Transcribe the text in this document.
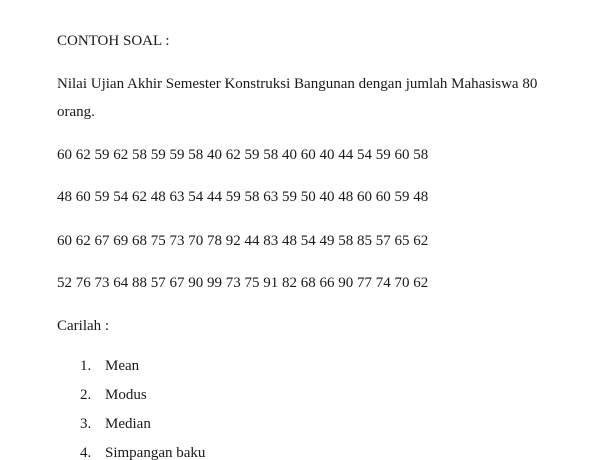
CONTOH SOAL :
Nilai Ujian Akhir Semester Konstruksi Bangunan dengan jumlah Mahasiswa 80
orang.
60 62 59 62 58 59 59 58 40 62 59 58 40 60 40 44 54 59 60 58
48 60 59 54 62 48 63 54 44 59 58 63 59 50 40 48 60 60 59 48
60 62 67 69 68 75 73 70 78 92 44 83 48 54 49 58 85 57 65 62
52 76 73 64 88 57 67 90 99 73 75 91 82 68 66 90 77 74 70 62
Carilah :
1. Mean
2. Modus
3. Median
4. Simpangan baku
